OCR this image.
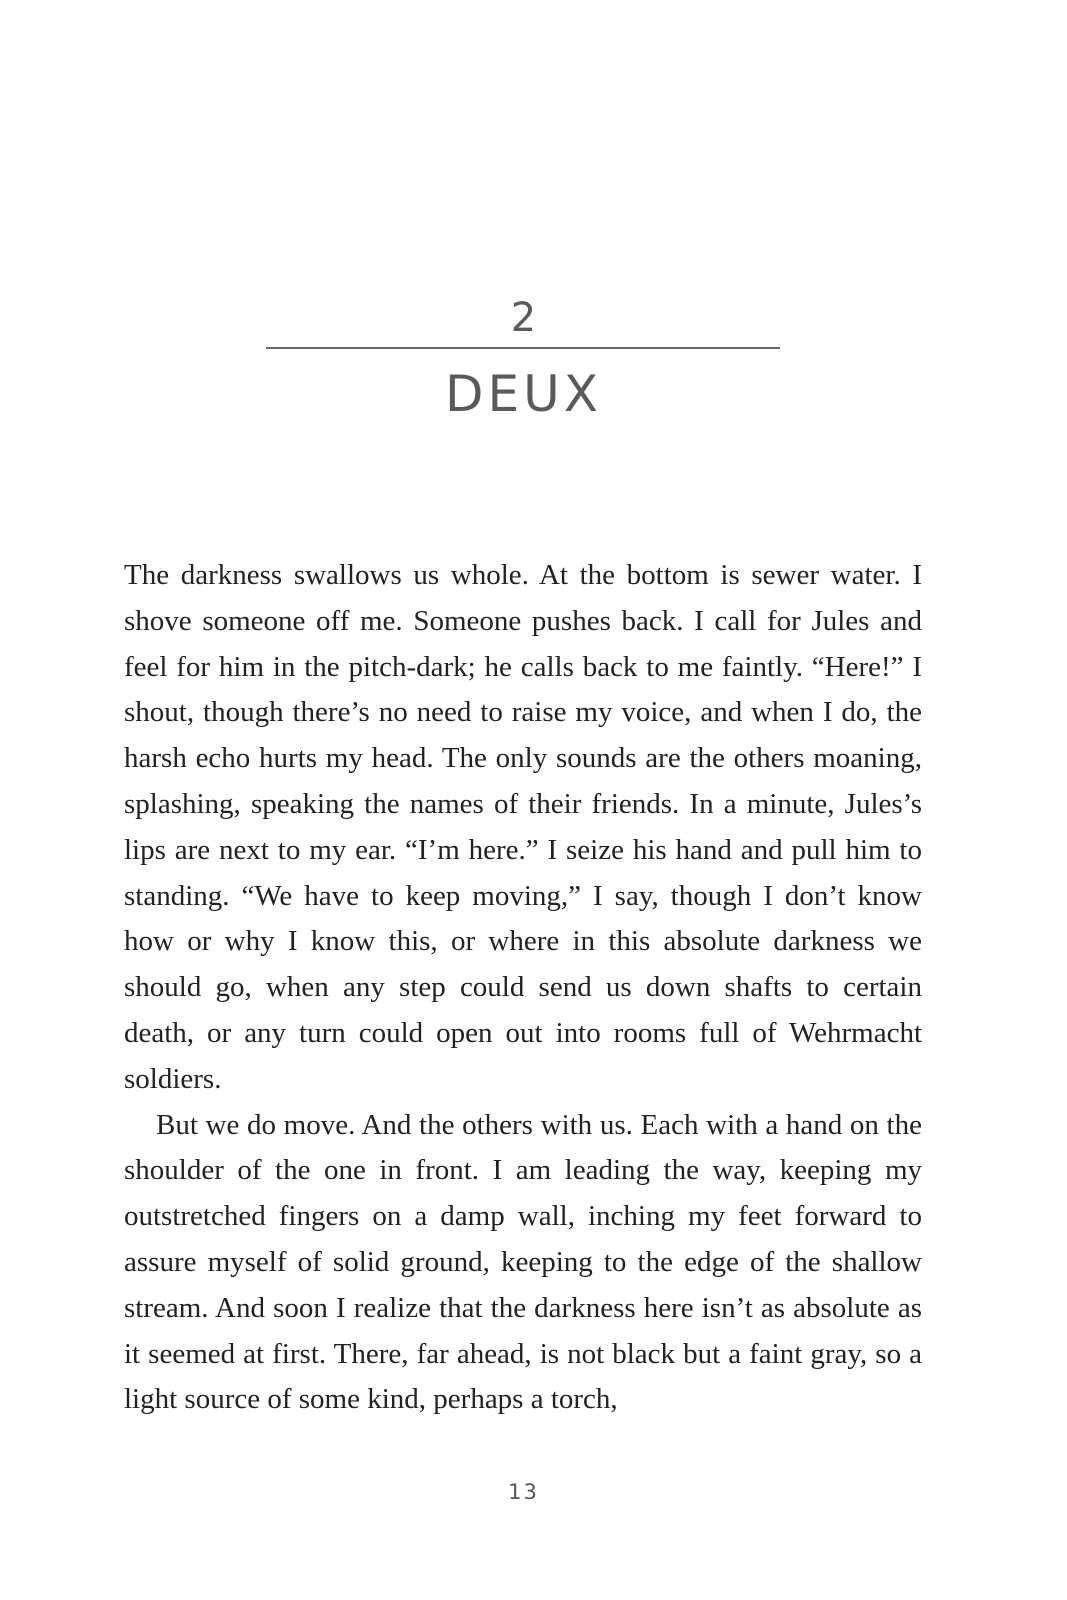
2
DEUX

The darkness swallows us whole. At the bottom is sewer water. I shove someone off me. Someone pushes back. I call for Jules and feel for him in the pitch-dark; he calls back to me faintly. “Here!” I shout, though there’s no need to raise my voice, and when I do, the harsh echo hurts my head. The only sounds are the others moaning, splashing, speaking the names of their friends. In a minute, Jules’s lips are next to my ear. “I’m here.” I seize his hand and pull him to standing. “We have to keep moving,” I say, though I don’t know how or why I know this, or where in this absolute darkness we should go, when any step could send us down shafts to certain death, or any turn could open out into rooms full of Wehrmacht soldiers.

But we do move. And the others with us. Each with a hand on the shoulder of the one in front. I am leading the way, keeping my outstretched fingers on a damp wall, inching my feet forward to assure myself of solid ground, keeping to the edge of the shallow stream. And soon I realize that the darkness here isn’t as absolute as it seemed at first. There, far ahead, is not black but a faint gray, so a light source of some kind, perhaps a torch,

13
